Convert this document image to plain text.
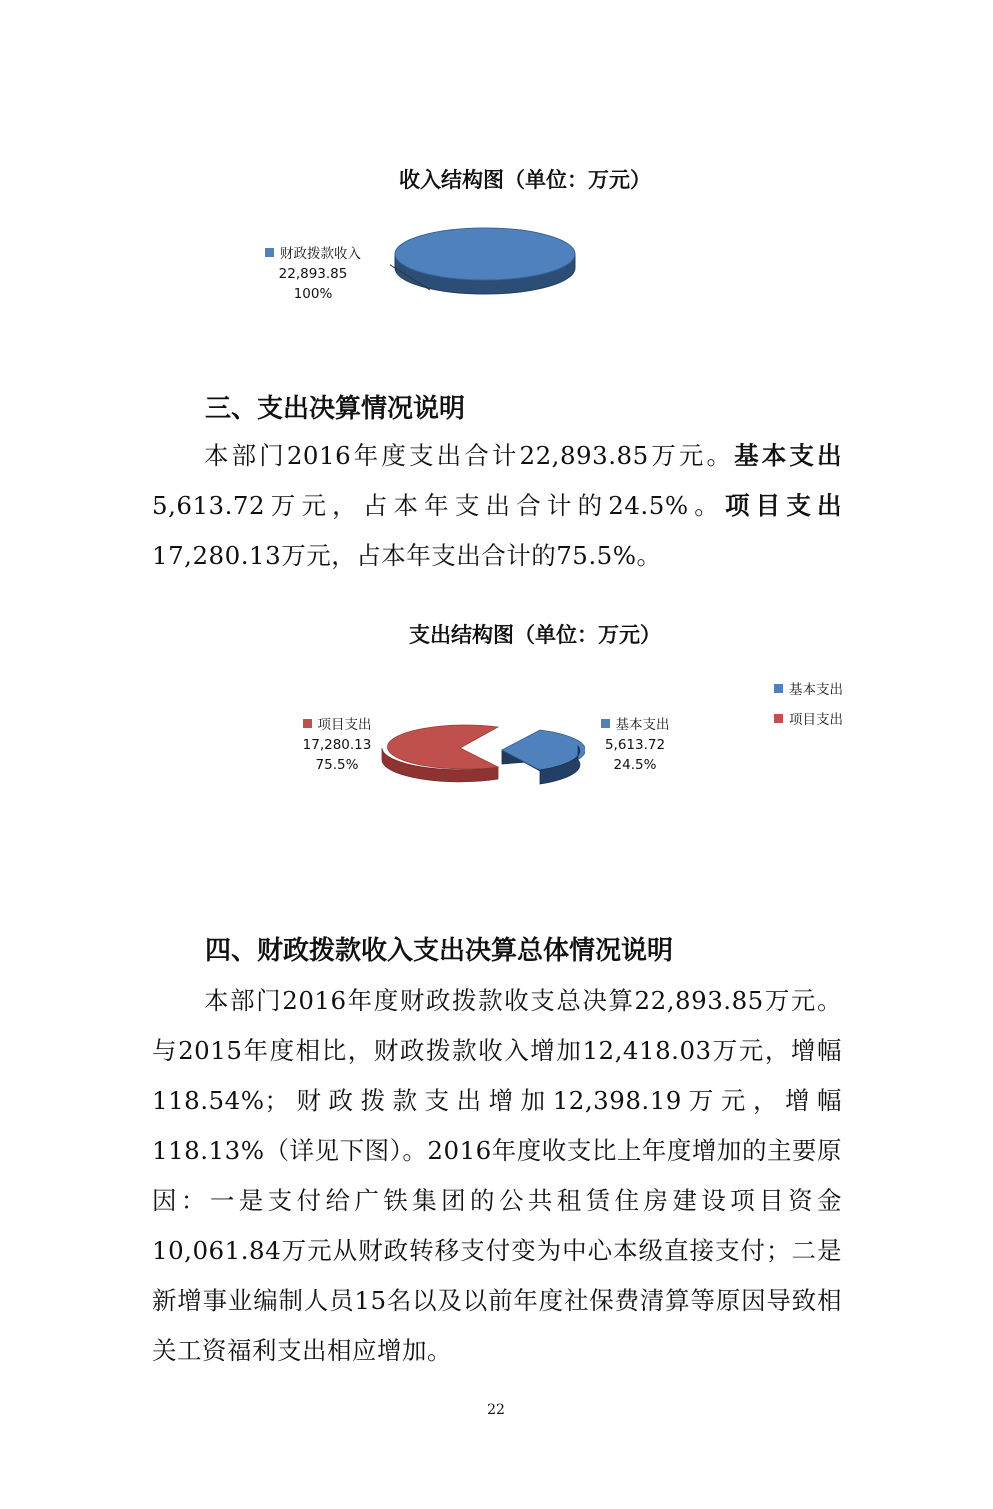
收入结构图（单位：万元）
财政拨款收入
22,893.85
100%
三、支出决算情况说明
本部门2016年度支出合计22,893.85万元。基本支出5,613.72万元，占本年支出合计的24.5%。项目支出17,280.13万元，占本年支出合计的75.5%。
支出结构图（单位：万元）
项目支出
17,280.13
75.5%
基本支出
5,613.72
24.5%
基本支出
项目支出
四、财政拨款收入支出决算总体情况说明
本部门2016年度财政拨款收支总决算22,893.85万元。与2015年度相比，财政拨款收入增加12,418.03万元，增幅118.54%；财政拨款支出增加12,398.19万元，增幅118.13%（详见下图）。2016年度收支比上年度增加的主要原因：一是支付给广铁集团的公共租赁住房建设项目资金10,061.84万元从财政转移支付变为中心本级直接支付；二是新增事业编制人员15名以及以前年度社保费清算等原因导致相关工资福利支出相应增加。
22
